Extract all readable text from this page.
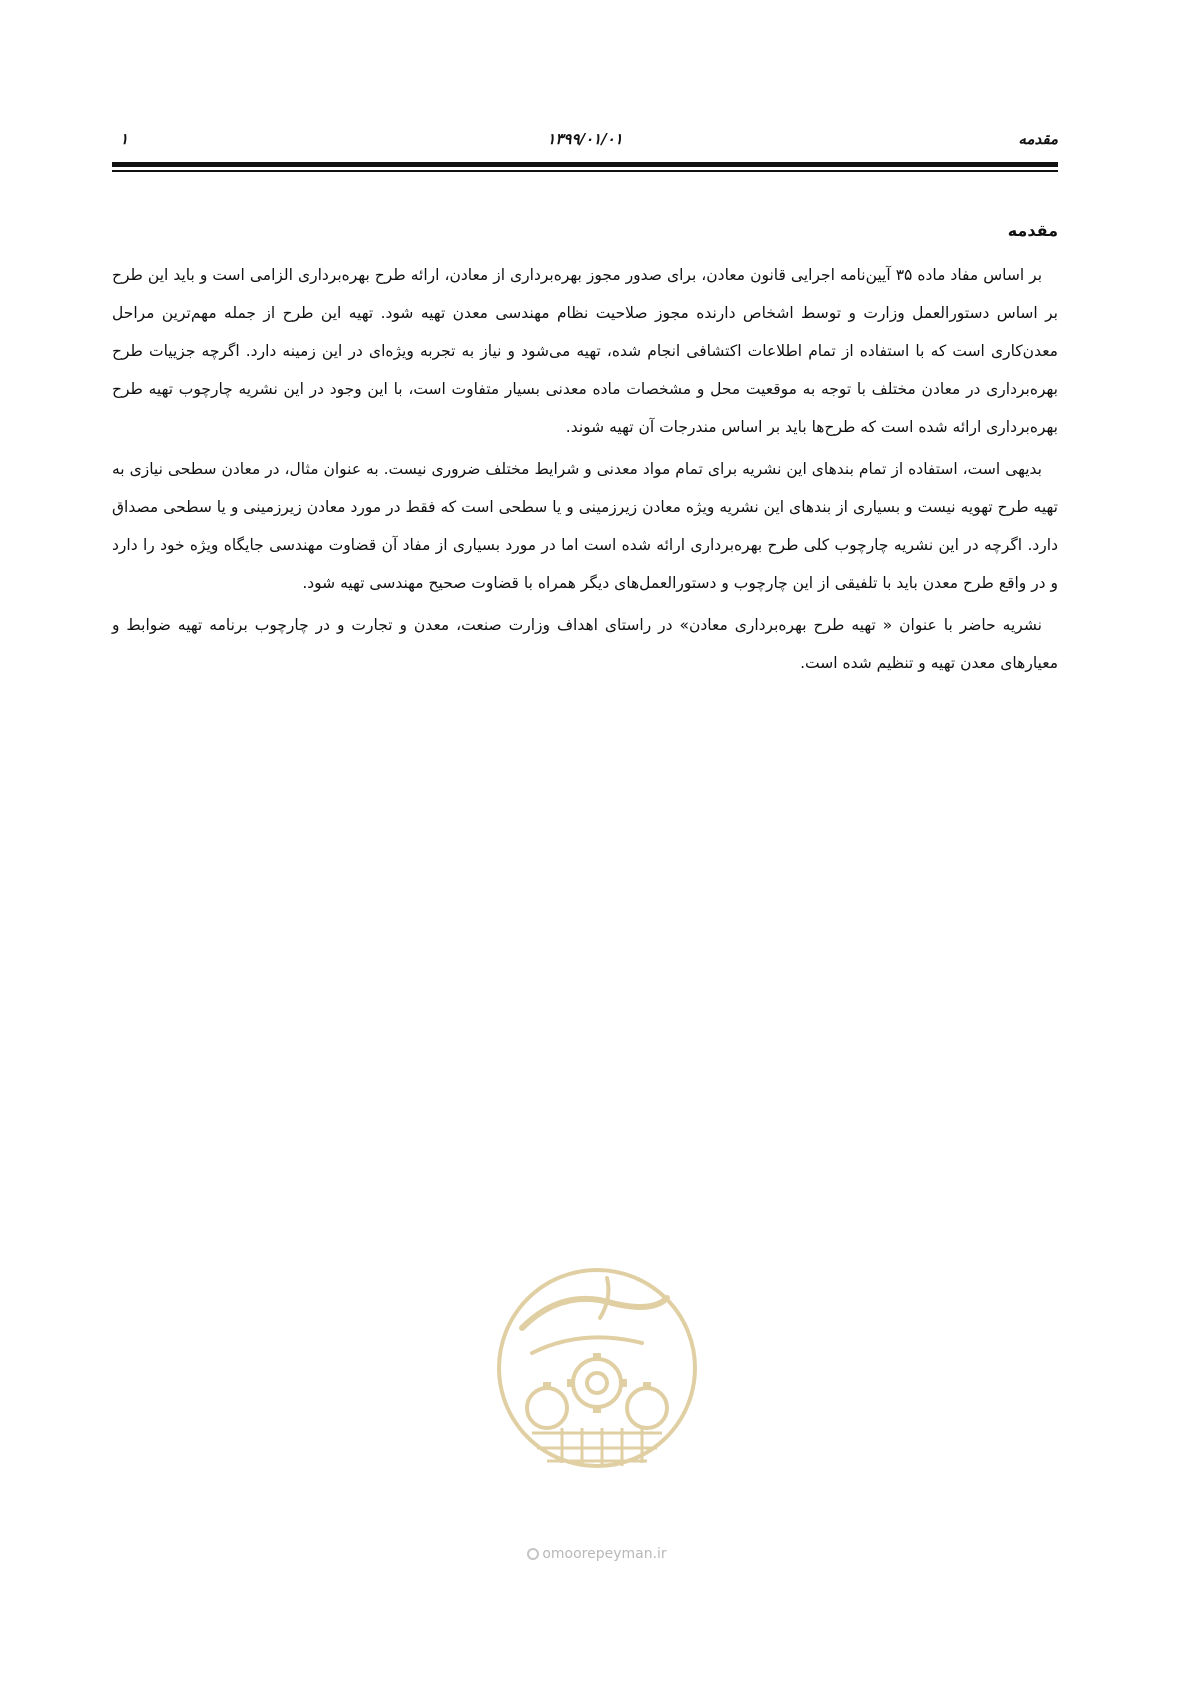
مقدمه
۱۳۹۹/۰۱/۰۱
۱
مقدمه

بر اساس مفاد ماده ۳۵ آیین‌نامه اجرایی قانون معادن، برای صدور مجوز بهره‌برداری از معادن، ارائه طرح بهره‌برداری الزامی است و باید این طرح بر اساس دستورالعمل وزارت و توسط اشخاص دارنده مجوز صلاحیت نظام مهندسی معدن تهیه شود. تهیه این طرح از جمله مهم‌ترین مراحل معدن‌کاری است که با استفاده از تمام اطلاعات اکتشافی انجام شده، تهیه می‌شود و نیاز به تجربه ویژه‌ای در این زمینه دارد. اگرچه جزییات طرح بهره‌برداری در معادن مختلف با توجه به موقعیت محل و مشخصات ماده معدنی بسیار متفاوت است، با این وجود در این نشریه چارچوب تهیه طرح بهره‌برداری ارائه شده است که طرح‌ها باید بر اساس مندرجات آن تهیه شوند.

بدیهی است، استفاده از تمام بندهای این نشریه برای تمام مواد معدنی و شرایط مختلف ضروری نیست. به عنوان مثال، در معادن سطحی نیازی به تهیه طرح تهویه نیست و بسیاری از بندهای این نشریه ویژه معادن زیرزمینی و یا سطحی است که فقط در مورد معادن زیرزمینی و یا سطحی مصداق دارد. اگرچه در این نشریه چارچوب کلی طرح بهره‌برداری ارائه شده است اما در مورد بسیاری از مفاد آن قضاوت مهندسی جایگاه ویژه خود را دارد و در واقع طرح معدن باید با تلفیقی از این چارچوب و دستورالعمل‌های دیگر همراه با قضاوت صحیح مهندسی تهیه شود.

نشریه حاضر با عنوان « تهیه طرح بهره‌برداری معادن» در راستای اهداف وزارت صنعت، معدن و تجارت و در چارچوب برنامه تهیه ضوابط و معیارهای معدن تهیه و تنظیم شده است.

omoorepeyman.ir
